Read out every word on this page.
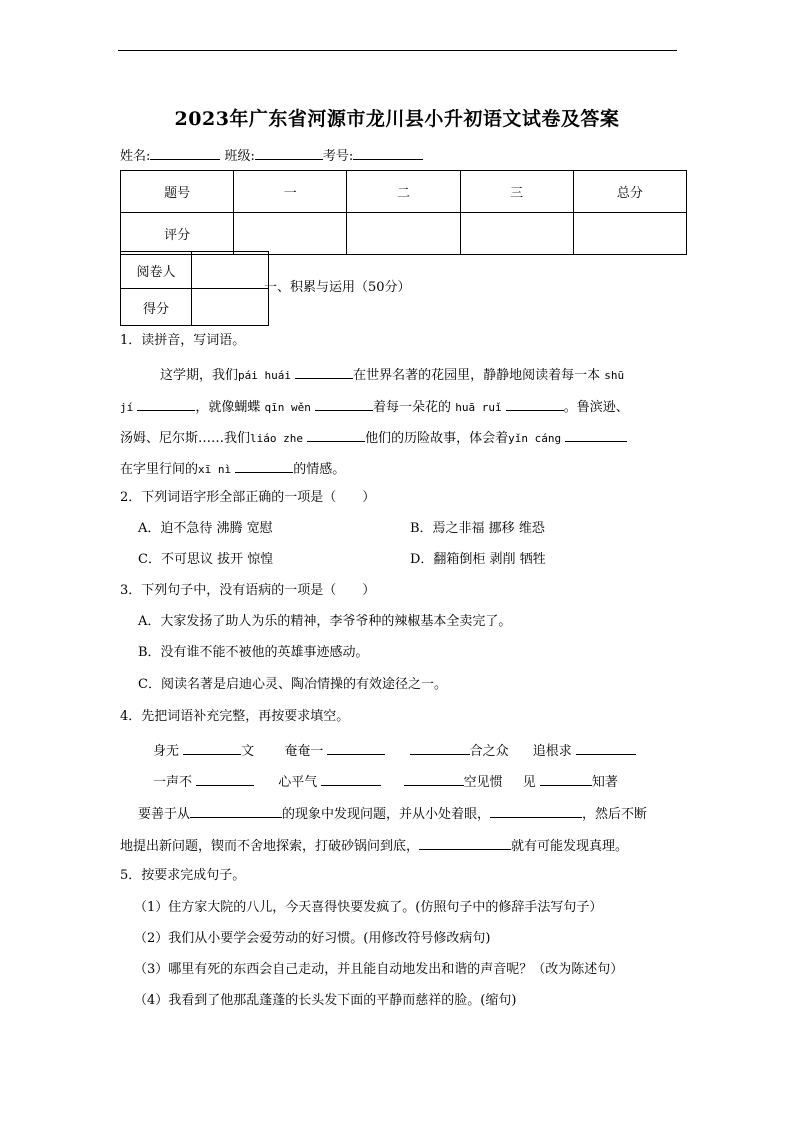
2023年广东省河源市龙川县小升初语文试卷及答案
姓名:	班级:	考号:
题号	一	二	三	总分
评分				
阅卷人	
得分	
一、积累与运用（50分）
1．读拼音，写词语。
这学期，我们pái huái	在世界名著的花园里，静静地阅读着每一本 shū
jí	，就像蝴蝶 qīn wěn	着每一朵花的 huā ruǐ	。鲁滨逊、
汤姆、尼尔斯……我们liáo zhe	他们的历险故事，体会着yǐn cáng
在字里行间的xī nì	的情感。
2．下列词语字形全部正确的一项是（　　）
A．迫不急待 沸腾 宽慰	B．焉之非福 挪移 维恐
C．不可思议 拔开 惊惶	D．翻箱倒柜 剥削 牺牲
3．下列句子中，没有语病的一项是（　　）
A．大家发扬了助人为乐的精神，李爷爷种的辣椒基本全卖完了。
B．没有谁不能不被他的英雄事迹感动。
C．阅读名著是启迪心灵、陶冶情操的有效途径之一。
4．先把词语补充完整，再按要求填空。
身无	文 奄奄一	合之众 追根求
一声不	心平气	空见惯 见	知著
要善于从	的现象中发现问题，并从小处着眼，	，然后不断
地提出新问题，锲而不舍地探索，打破砂锅问到底，	就有可能发现真理。
5．按要求完成句子。
（1）住方家大院的八儿，今天喜得快要发疯了。(仿照句子中的修辞手法写句子）
（2）我们从小要学会爱劳动的好习惯。(用修改符号修改病句)
（3）哪里有死的东西会自己走动，并且能自动地发出和谐的声音呢？（改为陈述句）
（4）我看到了他那乱蓬蓬的长头发下面的平静而慈祥的脸。(缩句)
